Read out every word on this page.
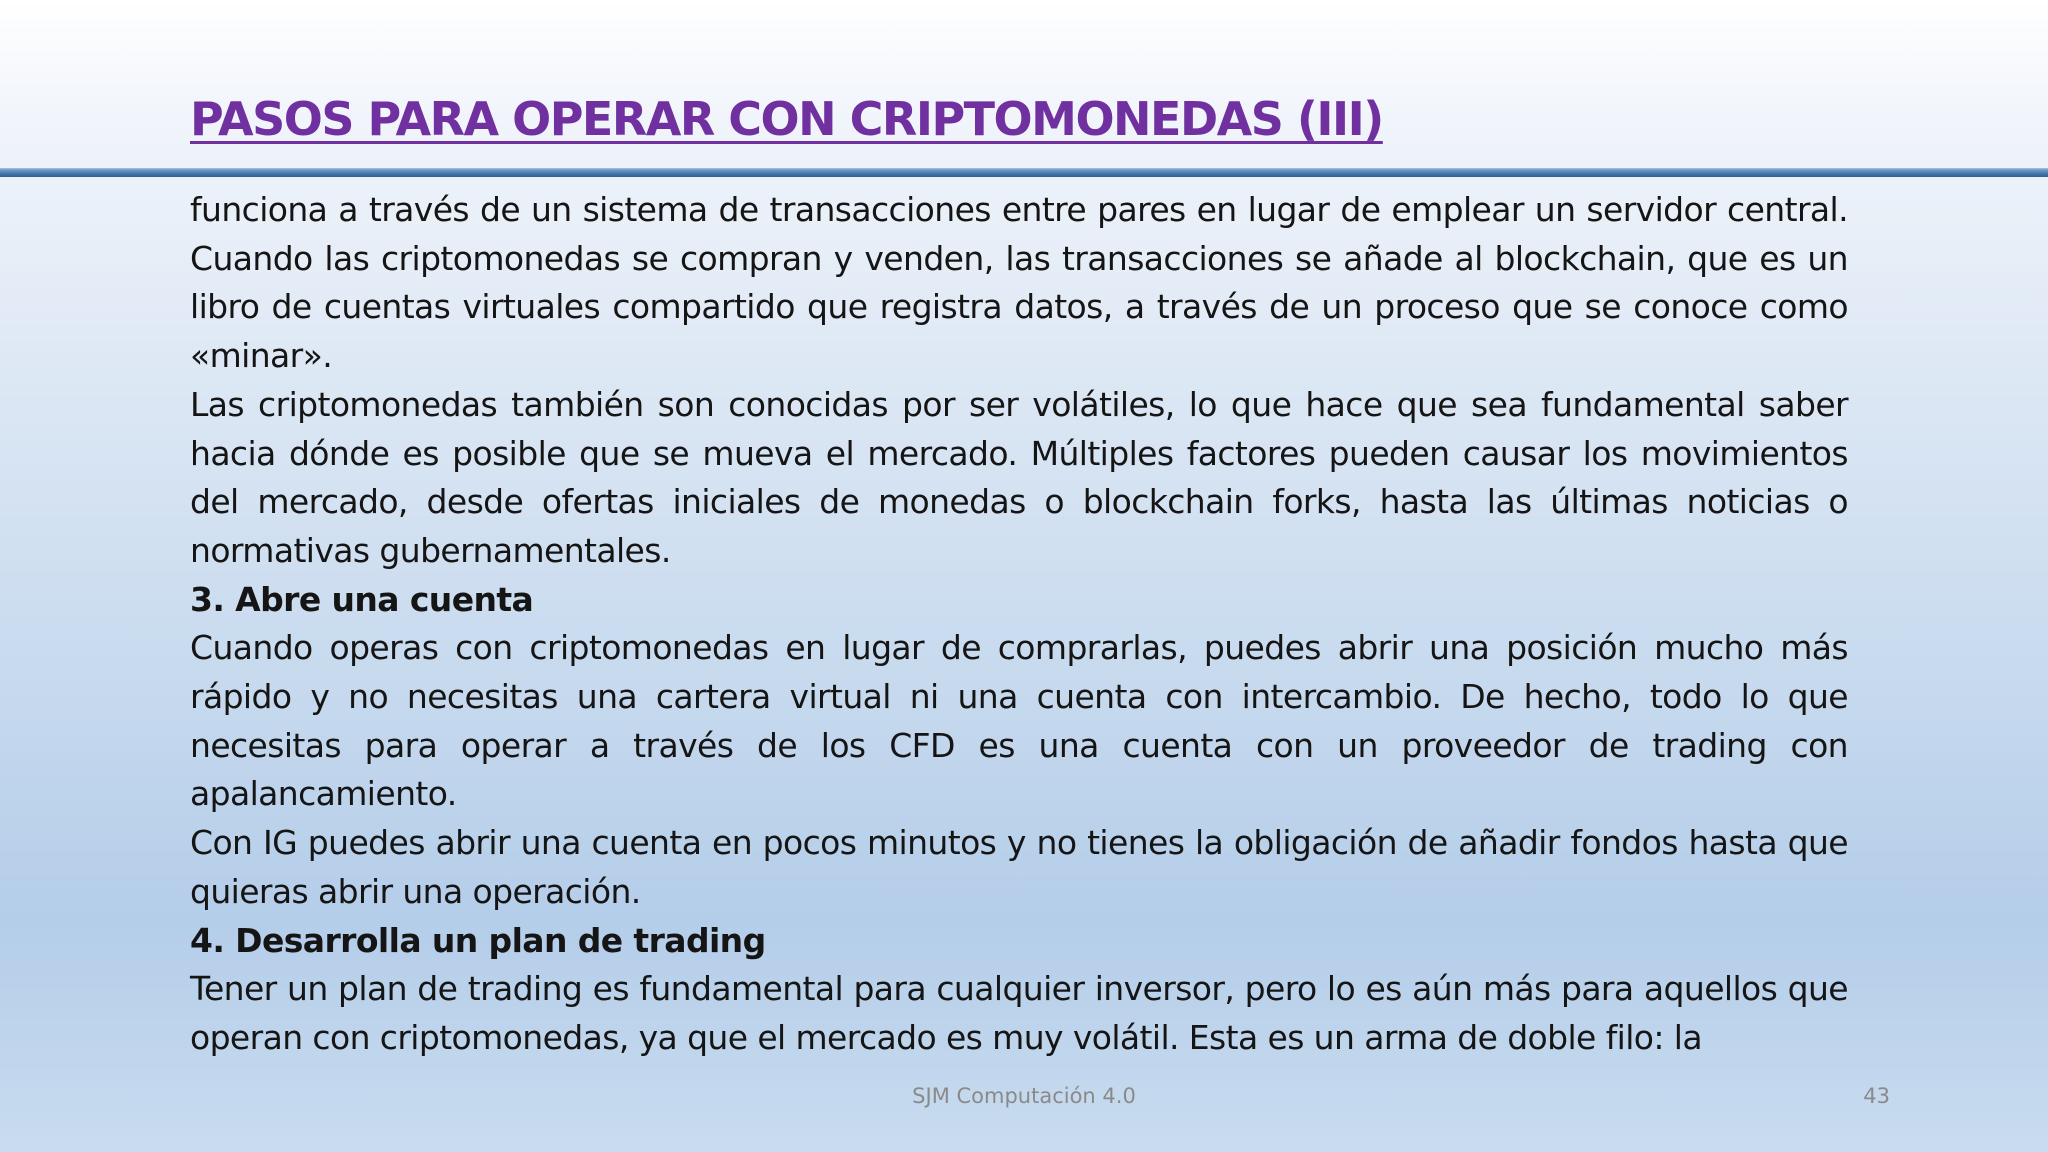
PASOS PARA OPERAR CON CRIPTOMONEDAS (III)

funciona a través de un sistema de transacciones entre pares en lugar de emplear un servidor central. Cuando las criptomonedas se compran y venden, las transacciones se añade al blockchain, que es un libro de cuentas virtuales compartido que registra datos, a través de un proceso que se conoce como «minar».

Las criptomonedas también son conocidas por ser volátiles, lo que hace que sea fundamental saber hacia dónde es posible que se mueva el mercado. Múltiples factores pueden causar los movimientos del mercado, desde ofertas iniciales de monedas o blockchain forks, hasta las últimas noticias o normativas gubernamentales.

3. Abre una cuenta

Cuando operas con criptomonedas en lugar de comprarlas, puedes abrir una posición mucho más rápido y no necesitas una cartera virtual ni una cuenta con intercambio. De hecho, todo lo que necesitas para operar a través de los CFD es una cuenta con un proveedor de trading con apalancamiento.

Con IG puedes abrir una cuenta en pocos minutos y no tienes la obligación de añadir fondos hasta que quieras abrir una operación.

4. Desarrolla un plan de trading

Tener un plan de trading es fundamental para cualquier inversor, pero lo es aún más para aquellos que operan con criptomonedas, ya que el mercado es muy volátil. Esta es un arma de doble filo: la

SJM Computación 4.0	43
